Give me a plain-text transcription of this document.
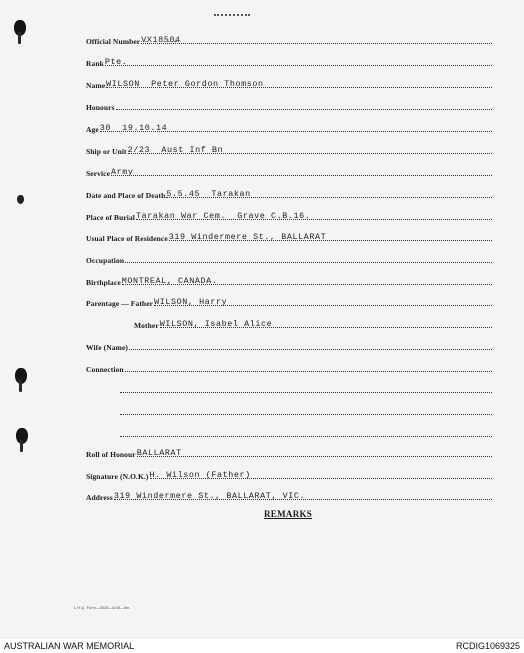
Official Number VX18504
Rank Pte.
Name WILSON  Peter Gordon Thomson
Honours
Age 30  19.10.14
Ship or Unit 2/23  Aust Inf Bn
Service Army
Date and Place of Death 5.5.45  Tarakan
Place of Burial Tarakan War Cem.  Grave C.B.16.
Usual Place of Residence 319 Windermere St., BALLARAT
Occupation
Birthplace MONTREAL, CANADA.
Parentage — Father WILSON, Harry
Mother WILSON, Isabel Alice
Wife (Name)
Connection
Roll of Honour BALLARAT
Signature (N.O.K.) H. Wilson (Father)
Address 319 Windermere St., BALLARAT, VIC.
REMARKS
L.H.Q. Form—2626—5/45—8m.
AUSTRALIAN WAR MEMORIAL	RCDIG1069325
